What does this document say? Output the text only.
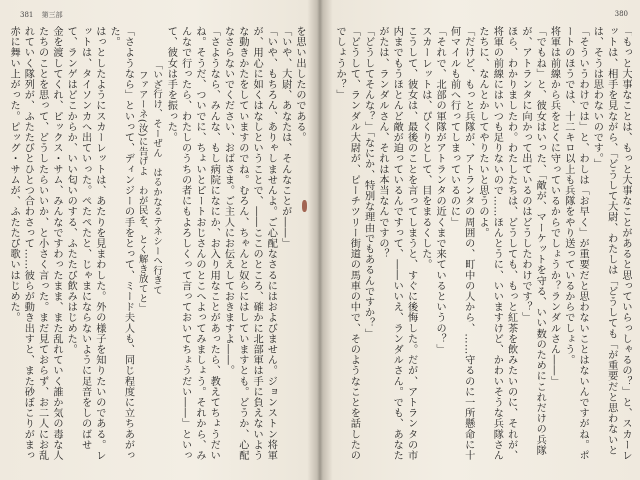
381 第三部

を思い出したのである。

「いや、大尉、あなたは、そんなことが――」

「いや、もちろん、ありゃしませんよ。ご心配なさるにはおよびません。ジョンストン将軍が、用心に如くはなしということで、――ここのところ、確かに北部軍は手に負えないような動きかたをしていますのでね。むろん、ちゃんと奴らにはしていますとも。どうか、心配なさらないでください、おばさま。ご主人にお伝えしておきますよ――。

「さようなら、みんな、もし病院になにか、お入り用なことがあったら、教えてちょうだいね。そうだ、ついでに、ちょいとピートおじさんのとこへよってみましょう。それから、みんなで行ったら、わたしのうちの者にもよろしくって言っておいてちょうだい――」といって、彼女は手を振った。

「いざ行け、そーぜん　はるかなるテネシーへ行きて
ファアーネ(汝)に告げよ　わが民を、とく解き放てと」

「さようなら」といって、ディンジーの手をとって、ミード夫人も、同じ程度に立ちあがった。

はっとしたようにスカーレットは、あたりを見まわした。外の様子を知りたいのである。レットは、タイソンカへ出ていった。ぺたぺたと、じゃまにならないように足音をしのばせて、ランゲはどこからか、いい匂いのする、ふたたび飲みはじめた。

金を渡してくれ、ピックス・サム、みんなですわったまま、また乱れていく誰か気の毒な人たちのことを思って、どうしたらいいか、と小さく言った。まだ見ておらず、お二人にお乱れていく隊列が、ふたたびとひとつ合わさって……彼らが動き出すと、また砂ぼこりがまっ赤に舞い上がった。ピッグ・サムが、ふたたび歌いはじめた。

380

「もっと大事なことは、もっと大事なことがあると思っていらっしゃるの？」と、スカーレットは、相手を見ながら、「どうして大尉、わたしは「どうしても「が重要だと思わないとは、そうは思わないのです。」

「そういうわけでは」と、わしは「お早く」が重要だと思わないことはないんですがね。ポートのほうでは、十二キロ以上も兵隊をやり送っているからでしょう。

将軍は前線から兵をとくに守っているからでしょうか？ランダルさん――」

「でもね」と、彼女はいった、「敵が、マーケットを守る、いい数のためにこれだけの兵隊が、アトランタに向かって出ているのはどうしたわけです？」

ほら、わかりましたわ。わたしたちは、どうしても、もっと紅茶を飲みたいのに、それが、将軍の前線にはいつも足りないので……ほんとうに、いいますけど、かわいそうな兵隊さんたちに、なんとかしてやりたいと思うのよ。

「だけど、もっと兵隊が、アトランタの周囲の、町中の人から、……守るのに一所懸命に十何マイルも前へ行ってしまっているのに」

「それで、北部の軍隊がアトランタの近くまで来ているというの？」

スカーレットは、ぴくりとして、目をまるくした。

こうして、彼女は、最後のことを言ってしまうと、すぐに後悔した。だが、アトランタの市内までもうほとんど敵が迫っているんですって、――いいえ、ランダルさん。でも、あなたがたは、ランダルさん、それは本当なんですの？

「どうしてそんな？」「なにか、特別な理由でもあるんですか？」

「どうして、ランダル大尉が、ピーチツリー街道の馬車の中で、そのようなことを話したのでしょうか？」
